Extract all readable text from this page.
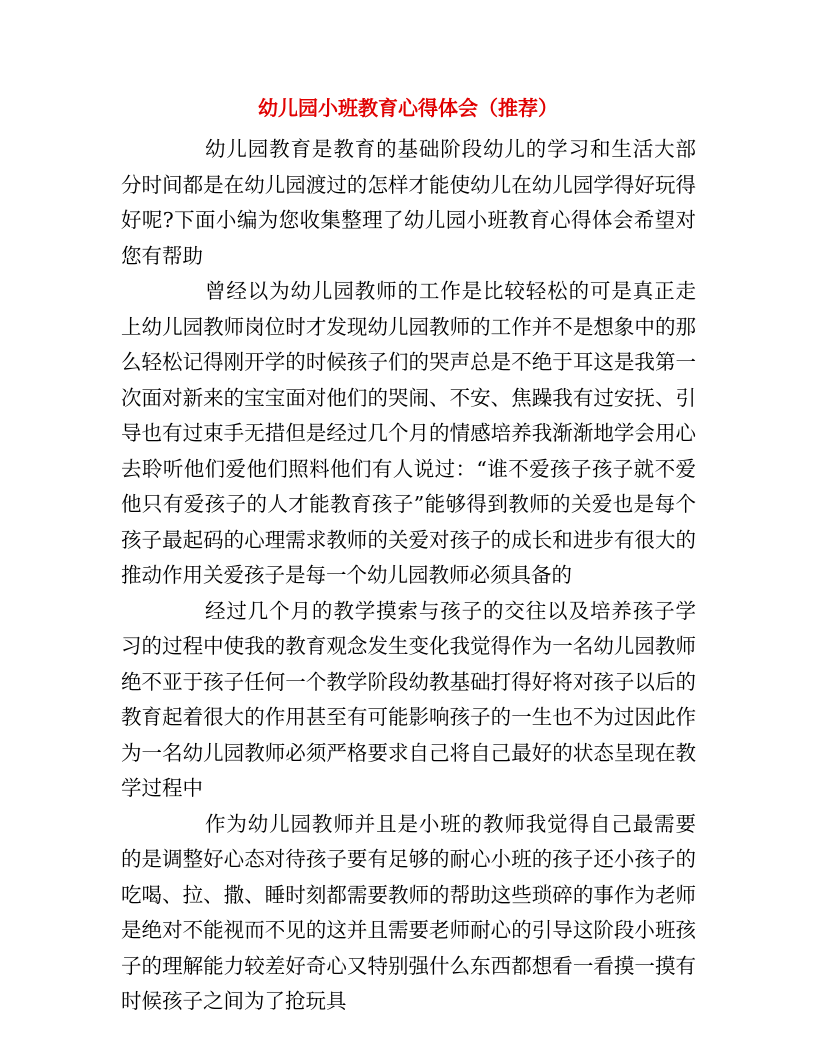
幼儿园小班教育心得体会（推荐）

幼儿园教育是教育的基础阶段幼儿的学习和生活大部分时间都是在幼儿园渡过的怎样才能使幼儿在幼儿园学得好玩得好呢?下面小编为您收集整理了幼儿园小班教育心得体会希望对您有帮助

曾经以为幼儿园教师的工作是比较轻松的可是真正走上幼儿园教师岗位时才发现幼儿园教师的工作并不是想象中的那么轻松记得刚开学的时候孩子们的哭声总是不绝于耳这是我第一次面对新来的宝宝面对他们的哭闹、不安、焦躁我有过安抚、引导也有过束手无措但是经过几个月的情感培养我渐渐地学会用心去聆听他们爱他们照料他们有人说过：“谁不爱孩子孩子就不爱他只有爱孩子的人才能教育孩子”能够得到教师的关爱也是每个孩子最起码的心理需求教师的关爱对孩子的成长和进步有很大的推动作用关爱孩子是每一个幼儿园教师必须具备的

经过几个月的教学摸索与孩子的交往以及培养孩子学习的过程中使我的教育观念发生变化我觉得作为一名幼儿园教师绝不亚于孩子任何一个教学阶段幼教基础打得好将对孩子以后的教育起着很大的作用甚至有可能影响孩子的一生也不为过因此作为一名幼儿园教师必须严格要求自己将自己最好的状态呈现在教学过程中

作为幼儿园教师并且是小班的教师我觉得自己最需要的是调整好心态对待孩子要有足够的耐心小班的孩子还小孩子的吃喝、拉、撒、睡时刻都需要教师的帮助这些琐碎的事作为老师是绝对不能视而不见的这并且需要老师耐心的引导这阶段小班孩子的理解能力较差好奇心又特别强什么东西都想看一看摸一摸有时候孩子之间为了抢玩具
